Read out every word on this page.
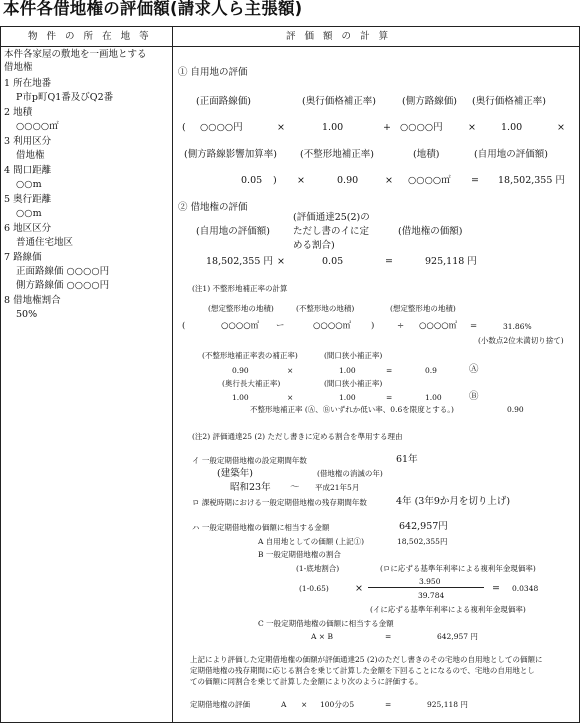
本件各借地権の評価額(請求人ら主張額)
物 件 の 所 在 地 等	評 価 額 の 計 算
本件各家屋の敷地を一画地とする
借地権
1 所在地番
P市p町Q1番及びQ2番
2 地積
○○○○㎡
3 利用区分
借地権
4 間口距離
○○m
5 奥行距離
○○m
6 地区区分
普通住宅地区
7 路線価
正面路線価 ○○○○円
側方路線価 ○○○○円
8 借地権割合
50%
① 自用地の評価
(正面路線価)	(奥行価格補正率)	(側方路線価) (奥行価格補正率)
( ○○○○円	×	1.00	+ ○○○○円	×	1.00	×
(側方路線影響加算率) (不整形地補正率)	(地積)	(自用地の評価額)
0.05 ) ×	0.90	× ○○○○㎡ = 18,502,355 円
② 借地権の評価
(自用地の評価額)
(評価通達25(2)の
ただし書のイに定
める割合)
(借地権の価額)
18,502,355 円 ×	0.05	=	925,118 円
(注1) 不整形地補正率の計算
(想定整形地の地積)	(不整形地の地積)	(想定整形地の地積)
(	○○○○㎡ ー	○○○○㎡ )	÷ ○○○○㎡ =	31.86%
(小数点2位未満切り捨て)
(不整形地補正率表の補正率)	(間口狭小補正率)
0.90	×	1.00	=	0.9	Ⓐ
(奥行長大補正率)	(間口狭小補正率)
1.00	×	1.00	=	1.00	Ⓑ
不整形地補正率 (Ⓐ、Ⓑいずれか低い率、0.6を限度とする。)	0.90
(注2) 評価通達25 (2) ただし書きに定める割合を準用する理由
イ 一般定期借地権の設定期間年数	61年
(建築年)	(借地権の消滅の年)
昭和23年 〜 平成21年5月
ロ 課税時期における一般定期借地権の残存期間年数	4年 (3年9か月を切り上げ)
ハ 一般定期借地権の価額に相当する金額	642,957円
A 自用地としての価額 (上記①)	18,502,355円
B 一般定期借地権の割合
(1-底地割合)	(ロに応ずる基準年利率による複利年金現価率)
(1-0.65)	×
3.950
39.784
= 0.0348
(イに応ずる基準年利率による複利年金現価率)
C 一般定期借地権の価額に相当する金額
A × B	=	642,957 円
上記により評価した定期借地権の価額が評価通達25 (2)のただし書きのその宅地の自用地としての価額に
定期借地権の残存期間に応じる割合を乗じて計算した金額を下回ることになるので、宅地の自用地とし
ての価額に同割合を乗じて計算した金額により次のように評価する。
定期借地権の評価	A × 100分の5	=	925,118 円
